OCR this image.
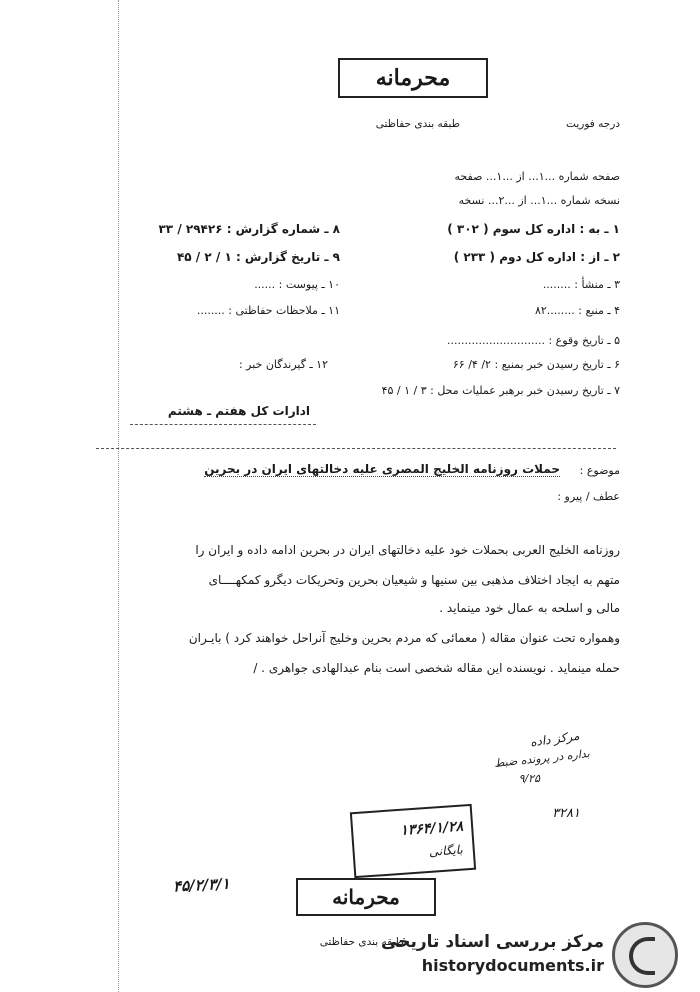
محرمانه
طبقه بندی حفاظتی	درجه فوریت
صفحه شماره ...۱... از ...۱... صفحه
نسخه شماره ...۱... از ...۲... نسخه
۱ ـ به : اداره کل سوم ( ۳۰۲ )
۲ ـ از : اداره کل دوم ( ۲۳۳ )
۳ ـ منشأ : ........
۴ ـ منبع : ........۸۲
۸ ـ شماره گزارش : ۲۹۴۲۶ / ۳۳
۹ ـ تاریخ گزارش : ۱ / ۲ / ۴۵
۱۰ ـ پیوست : ......
۱۱ ـ ملاحظات حفاظتی : ........
۵ ـ تاریخ وقوع : ............................
۶ ـ تاریخ رسیدن خبر بمنبع : ۲/ ۴/ ۶۶
۷ ـ تاریخ رسیدن خبر برهبر عملیات محل : ۳ / ۱ / ۴۵
۱۲ ـ گیرندگان خبر :
ادارات کل هفتم ـ هشتم
موضوع :
حملات روزنامه الخلیج المصری علیه دخالتهای ایران در بحرین
عطف / پیرو :
روزنامه الخلیج العربی بحملات خود علیه دخالتهای ایران در بحرین ادامه داده و ایران را
متهم به ایجاد اختلاف مذهبی بین سنیها و شیعیان بحرین وتحریکات دیگرو کمکهــــای
مالی و اسلحه به عمال خود مینماید .
وهمواره تحت عنوان مقاله ( معمائی که مردم بحرین وخلیج آنراحل خواهند کرد ) بایـران
حمله مینماید . نویسنده این مقاله شخصی است بنام عبدالهادی جواهری . /
مرکز داده
بداره در پرونده ضبط
۹/۲۵
۳۲۸۱
۱۳۶۴/۱/۲۸
بایگانی
۴۵/۲/۳/۱	محرمانه
طبقه بندی حفاظتی
مرکز بررسی اسناد تاریخی
historydocuments.ir
